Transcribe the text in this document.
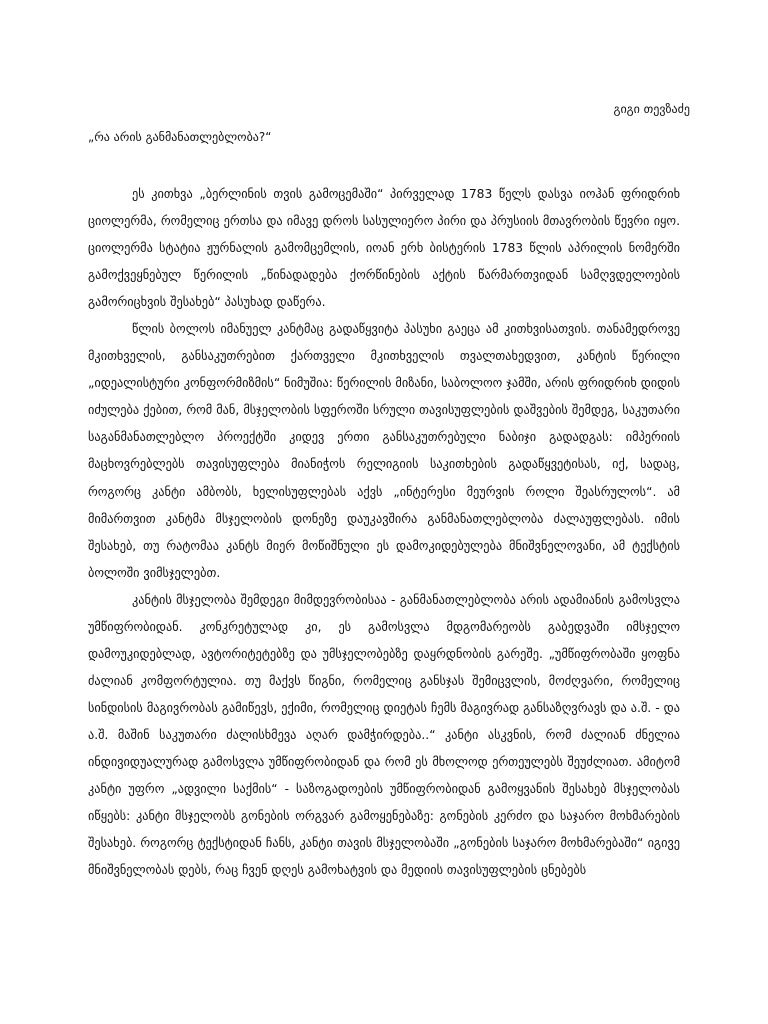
გიგი თევზაძე
„რა არის განმანათლებლობა?“

ეს კითხვა „ბერლინის თვის გამოცემაში“ პირველად 1783 წელს დასვა იოჰან ფრიდრიხ ციოლერმა, რომელიც ერთსა და იმავე დროს სასულიერო პირი და პრუსიის მთავრობის წევრი იყო. ციოლერმა სტატია ჟურნალის გამომცემლის, იოან ერხ ბისტერის 1783 წლის აპრილის ნომერში გამოქვეყნებულ წერილის „წინადადება ქორწინების აქტის წარმართვიდან სამღვდელოების გამორიცხვის შესახებ“ პასუხად დაწერა.

წლის ბოლოს იმანუელ კანტმაც გადაწყვიტა პასუხი გაეცა ამ კითხვისათვის. თანამედროვე მკითხველის, განსაკუთრებით ქართველი მკითხველის თვალთახედვით, კანტის წერილი „იდეალისტური კონფორმიზმის“ ნიმუშია: წერილის მიზანი, საბოლოო ჯამში, არის ფრიდრიხ დიდის იძულება ქებით, რომ მან, მსჯელობის სფეროში სრული თავისუფლების დაშვების შემდეგ, საკუთარი საგანმანათლებლო პროექტში კიდევ ერთი განსაკუთრებული ნაბიჯი გადადგას: იმპერიის მაცხოვრებლებს თავისუფლება მიანიჭოს რელიგიის საკითხების გადაწყვეტისას, იქ, სადაც, როგორც კანტი ამბობს, ხელისუფლებას აქვს „ინტერესი მეურვის როლი შეასრულოს“. ამ მიმართვით კანტმა მსჯელობის დონეზე დაუკავშირა განმანათლებლობა ძალაუფლებას. იმის შესახებ, თუ რატომაა კანტს მიერ მოწიშნული ეს დამოკიდებულება მნიშვნელოვანი, ამ ტექსტის ბოლოში ვიმსჯელებთ.

კანტის მსჯელობა შემდეგი მიმდევრობისაა - განმანათლებლობა არის ადამიანის გამოსვლა უმწიფრობიდან. კონკრეტულად კი, ეს გამოსვლა მდგომარეობს გაბედვაში იმსჯელო დამოუკიდებლად, ავტორიტეტებზე და უმსჯელობებზე დაყრდნობის გარეშე. „უმწიფრობაში ყოფნა ძალიან კომფორტულია. თუ მაქვს წიგნი, რომელიც განსჯას შემიცვლის, მოძღვარი, რომელიც სინდისის მაგივრობას გამიწევს, ექიმი, რომელიც დიეტას ჩემს მაგივრად განსაზღვრავს და ა.შ. - და ა.შ. მაშინ საკუთარი ძალისხმევა აღარ დამჭირდება..“ კანტი ასკვნის, რომ ძალიან ძნელია ინდივიდუალურად გამოსვლა უმწიფრობიდან და რომ ეს მხოლოდ ერთეულებს შეუძლიათ. ამიტომ კანტი უფრო „ადვილი საქმის“ - საზოგადოების უმწიფრობიდან გამოყვანის შესახებ მსჯელობას იწყებს: კანტი მსჯელობს გონების ორგვარ გამოყენებაზე: გონების კერძო და საჯარო მოხმარების შესახებ. როგორც ტექსტიდან ჩანს, კანტი თავის მსჯელობაში „გონების საჯარო მოხმარებაში“ იგივე მნიშვნელობას დებს, რაც ჩვენ დღეს გამოხატვის და მედიის თავისუფლების ცნებებს
